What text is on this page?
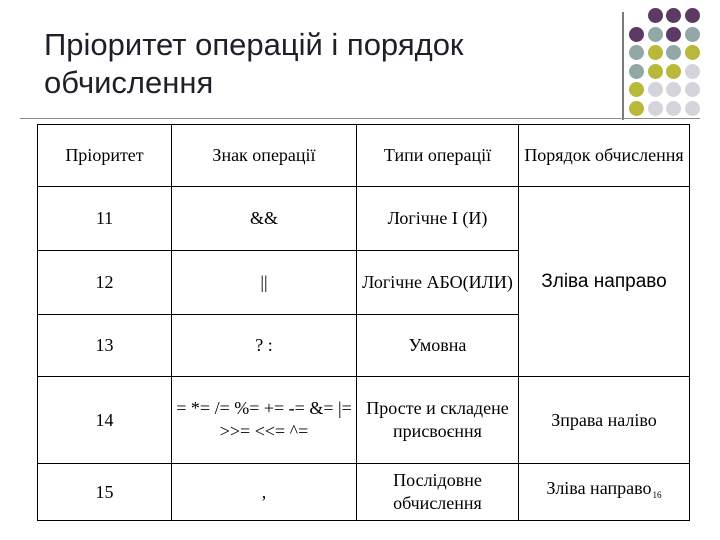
Пріоритет операцій і порядок
обчислення
Пріоритет	Знак операції	Типи операції	Порядок обчислення
11	&&	Логічне І (И)	Зліва направо
12	||	Логічне АБО(ИЛИ)	
13	? :	Умовна	
14	= *= /= %= += -= &= |= >>= <<= ^=	Просте и складене присвоєння	Зправа наліво
15	,	Послідовне обчислення	Зліва направо$_{16}$
